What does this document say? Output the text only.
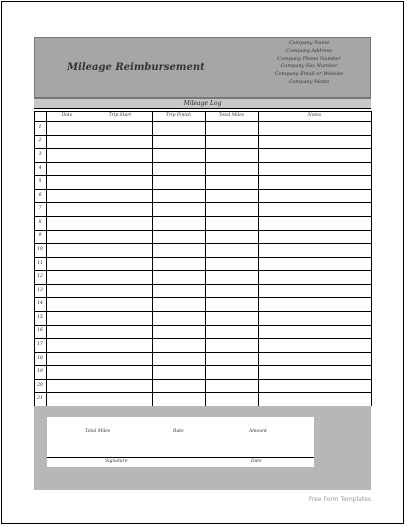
Mileage Reimbursement
Company Name
Company Address
Company Phone Number
Company Fax Number
Company Email or Website
Company Motto
Mileage Log
Date	Trip Start	Trip Finish	Total Miles	Notes
1
2
3
4
5
6
7
8
9
10
11
12
13
14
15
16
17
18
19
20
21
Total Miles	Rate	Amount
Signature	Date
Free Form Templates
